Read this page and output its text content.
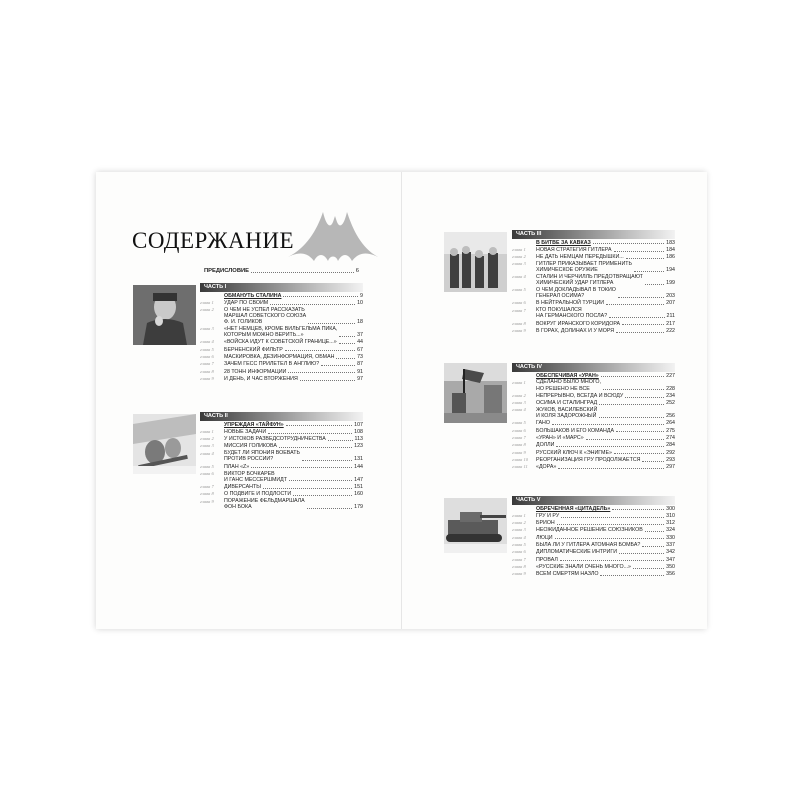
СОДЕРЖАНИЕ
ПРЕДИСЛОВИЕ	6
ЧАСТЬ I
ОБМАНУТЬ СТАЛИНА	9
глава 1	УДАР ПО СВОИМ	10
глава 2	О ЧЕМ НЕ УСПЕЛ РАССКАЗАТЬ
МАРШАЛ СОВЕТСКОГО СОЮЗА
Ф. И. ГОЛИКОВ	18
глава 3	«НЕТ НЕМЦЕВ, КРОМЕ ВИЛЬГЕЛЬМА ПИКА,
КОТОРЫМ МОЖНО ВЕРИТЬ...»	37
глава 4	«ВОЙСКА ИДУТ К СОВЕТСКОЙ ГРАНИЦЕ...»	44
глава 5	БЕРНЕНСКИЙ ФИЛЬТР	67
глава 6	МАСКИРОВКА, ДЕЗИНФОРМАЦИЯ, ОБМАН	73
глава 7	ЗАЧЕМ ГЕСС ПРИЛЕТЕЛ В АНГЛИЮ?	87
глава 8	28 ТОНН ИНФОРМАЦИИ	91
глава 9	И ДЕНЬ, И ЧАС ВТОРЖЕНИЯ	97
ЧАСТЬ II
УПРЕЖДАЯ «ТАЙФУН»	107
глава 1	НОВЫЕ ЗАДАЧИ	108
глава 2	У ИСТОКОВ РАЗВЕДСОТРУДНИЧЕСТВА	113
глава 3	МИССИЯ ГОЛИКОВА	123
глава 4	БУДЕТ ЛИ ЯПОНИЯ ВОЕВАТЬ
ПРОТИВ РОССИИ?	131
глава 5	ПЛАН «Z»	144
глава 6	ВИКТОР БОЧКАРЕВ
И ГАНС МЕССЕРШМИДТ	147
глава 7	ДИВЕРСАНТЫ	151
глава 8	О ПОДВИГЕ И ПОДЛОСТИ	160
глава 9	ПОРАЖЕНИЕ ФЕЛЬДМАРШАЛА
ФОН БОКА	179
ЧАСТЬ III
В БИТВЕ ЗА КАВКАЗ	183
глава 1	НОВАЯ СТРАТЕГИЯ ГИТЛЕРА	184
глава 2	НЕ ДАТЬ НЕМЦАМ ПЕРЕДЫШКИ...	186
глава 3	ГИТЛЕР ПРИКАЗЫВАЕТ ПРИМЕНИТЬ
ХИМИЧЕСКОЕ ОРУЖИЕ	194
глава 4	СТАЛИН И ЧЕРЧИЛЛЬ ПРЕДОТВРАЩАЮТ
ХИМИЧЕСКИЙ УДАР ГИТЛЕРА	199
глава 5	О ЧЕМ ДОКЛАДЫВАЛ В ТОКИО
ГЕНЕРАЛ ОСИМА?	203
глава 6	В НЕЙТРАЛЬНОЙ ТУРЦИИ	207
глава 7	КТО ПОКУШАЛСЯ
НА ГЕРМАНСКОГО ПОСЛА?	211
глава 8	ВОКРУГ ИРАНСКОГО КОРИДОРА	217
глава 9	В ГОРАХ, ДОЛИНАХ И У МОРЯ	222
ЧАСТЬ IV
ОБЕСПЕЧИВАЯ «УРАН»	227
глава 1	СДЕЛАНО БЫЛО МНОГО,
НО РЕШЕНО НЕ ВСЕ	228
глава 2	НЕПРЕРЫВНО, ВСЕГДА И ВСЮДУ	234
глава 3	ОСИМА И СТАЛИНГРАД	252
глава 4	ЖУКОВ, ВАСИЛЕВСКИЙ
И КОЛЯ ЗАДОРОЖНЫЙ	256
глава 5	ГАНО	264
глава 6	БОЛЬШАКОВ И ЕГО КОМАНДА	275
глава 7	«УРАН» И «МАРС»	274
глава 8	ДОЛЛИ	284
глава 9	РУССКИЙ КЛЮЧ К «ЭНИГМЕ»	292
глава 10	РЕОРГАНИЗАЦИЯ ГРУ ПРОДОЛЖАЕТСЯ	293
глава 11	«ДОРА»	297
ЧАСТЬ V
ОБРЕЧЕННАЯ «ЦИТАДЕЛЬ»	300
глава 1	ГРУ И РУ	310
глава 2	БРИОН	312
глава 3	НЕОЖИДАННОЕ РЕШЕНИЕ СОЮЗНИКОВ	324
глава 4	ЛЮЦИ	330
глава 5	БЫЛА ЛИ У ГИТЛЕРА АТОМНАЯ БОМБА?	337
глава 6	ДИПЛОМАТИЧЕСКИЕ ИНТРИГИ	342
глава 7	ПРОВАЛ	347
глава 8	«РУССКИЕ ЗНАЛИ ОЧЕНЬ МНОГО...»	350
глава 9	ВСЕМ СМЕРТЯМ НАЗЛО	356
